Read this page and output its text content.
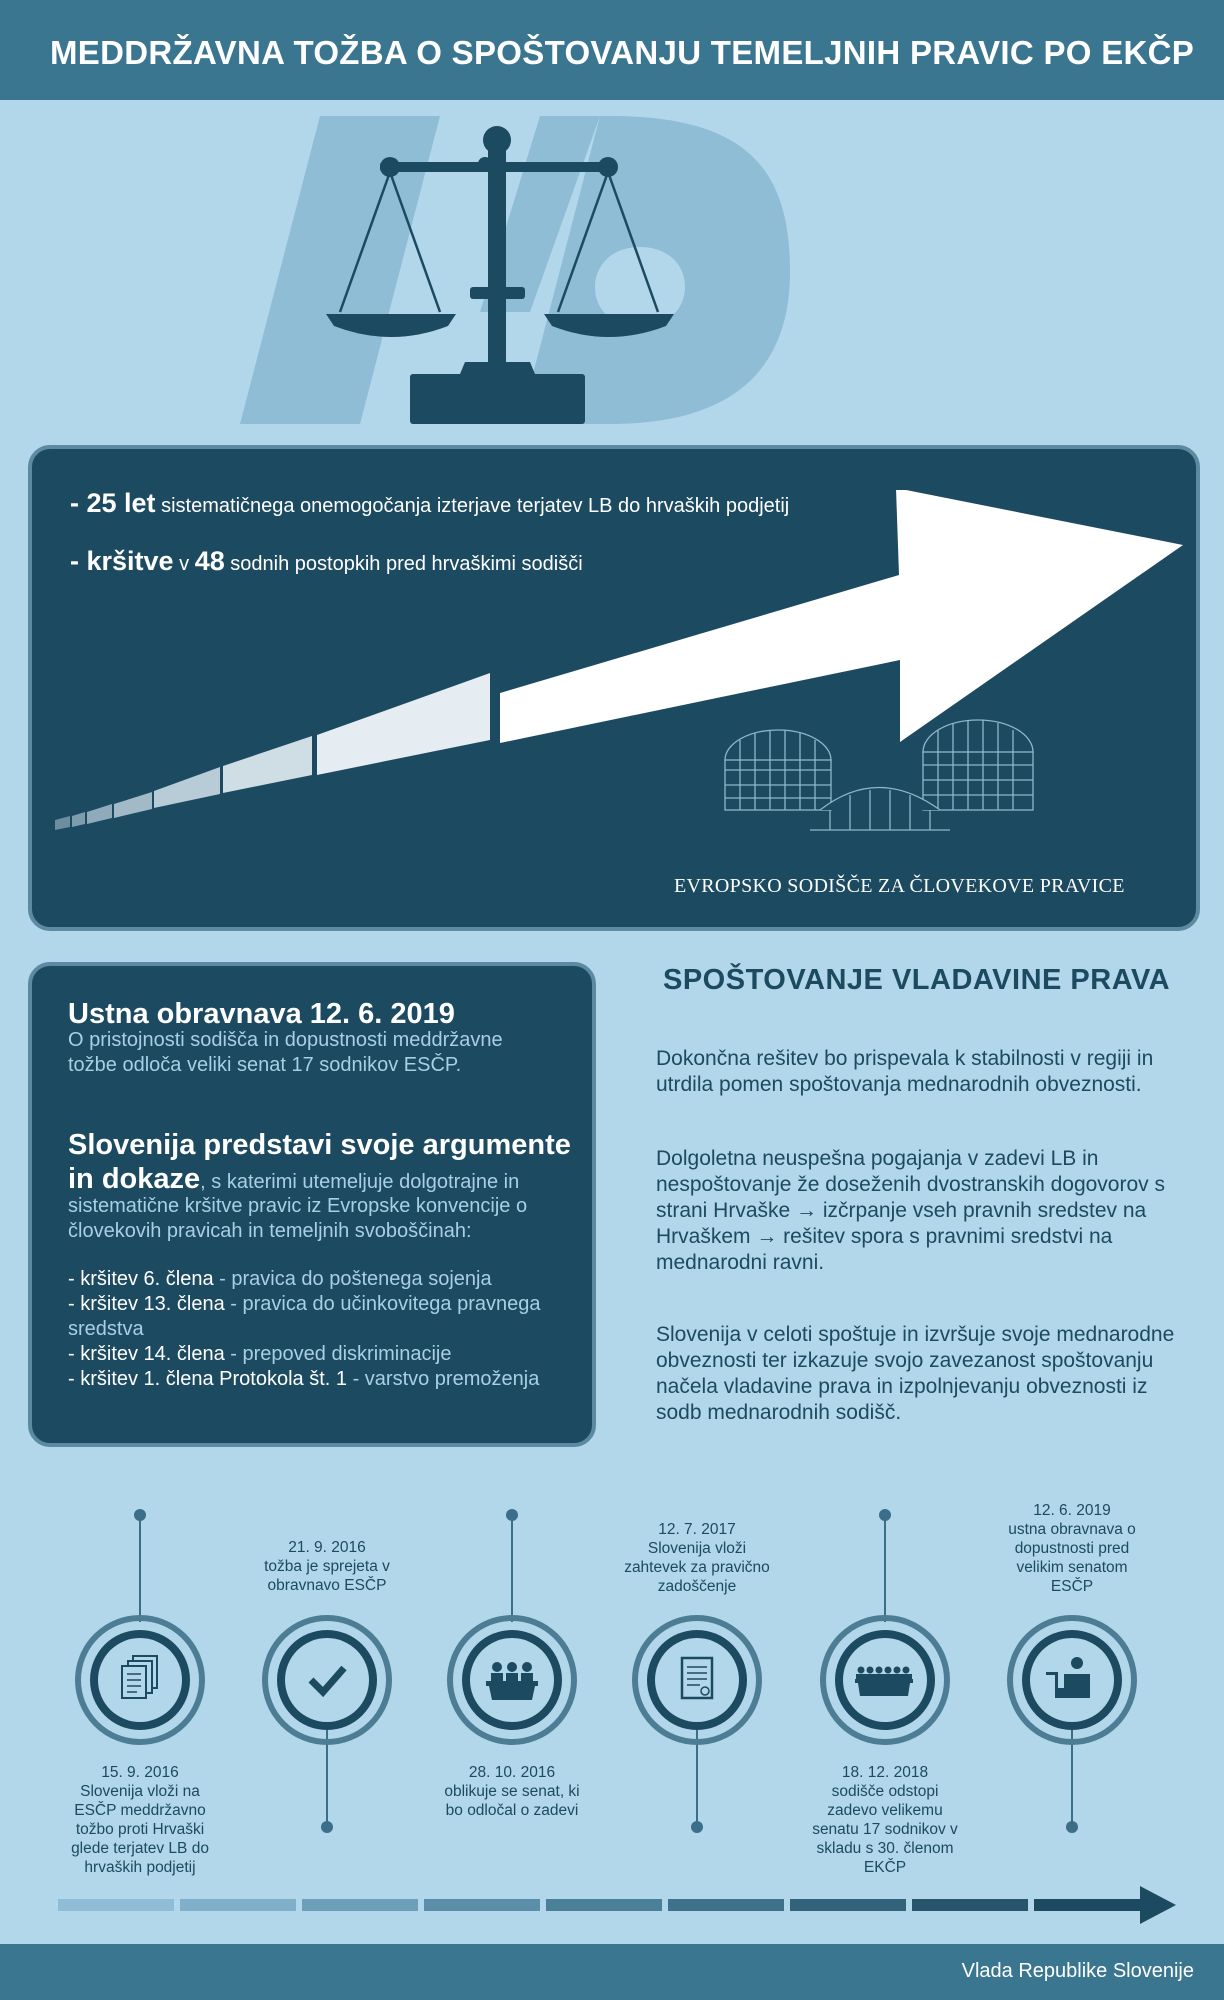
MEDDRŽAVNA TOŽBA O SPOŠTOVANJU TEMELJNIH PRAVIC PO EKČP
- 25 let sistematičnega onemogočanja izterjave terjatev LB do hrvaških podjetij
- kršitve v 48 sodnih postopkih pred hrvaškimi sodišči
EVROPSKO SODIŠČE ZA ČLOVEKOVE PRAVICE
Ustna obravnava 12. 6. 2019
O pristojnosti sodišča in dopustnosti meddržavne tožbe odloča veliki senat 17 sodnikov ESČP.
Slovenija predstavi svoje argumente
in dokaze, s katerimi utemeljuje dolgotrajne in
sistematične kršitve pravic iz Evropske konvencije o človekovih pravicah in temeljnih svoboščinah:
- kršitev 6. člena - pravica do poštenega sojenja
- kršitev 13. člena - pravica do učinkovitega pravnega sredstva
- kršitev 14. člena - prepoved diskriminacije
- kršitev 1. člena Protokola št. 1 - varstvo premoženja
SPOŠTOVANJE VLADAVINE PRAVA
Dokončna rešitev bo prispevala k stabilnosti v regiji in utrdila pomen spoštovanja mednarodnih obveznosti.
Dolgoletna neuspešna pogajanja v zadevi LB in nespoštovanje že doseženih dvostranskih dogovorov s strani Hrvaške → izčrpanje vseh pravnih sredstev na Hrvaškem → rešitev spora s pravnimi sredstvi na mednarodni ravni.
Slovenija v celoti spoštuje in izvršuje svoje mednarodne obveznosti ter izkazuje svojo zavezanost spoštovanju načela vladavine prava in izpolnjevanju obveznosti iz sodb mednarodnih sodišč.
15. 9. 2016
Slovenija vloži na ESČP meddržavno tožbo proti Hrvaški glede terjatev LB do hrvaških podjetij
21. 9. 2016
tožba je sprejeta v obravnavo ESČP
28. 10. 2016
oblikuje se senat, ki bo odločal o zadevi
12. 7. 2017
Slovenija vloži zahtevek za pravično zadoščenje
18. 12. 2018
sodišče odstopi zadevo velikemu senatu 17 sodnikov v skladu s 30. členom EKČP
12. 6. 2019
ustna obravnava o dopustnosti pred velikim senatom ESČP
Vlada Republike Slovenije
